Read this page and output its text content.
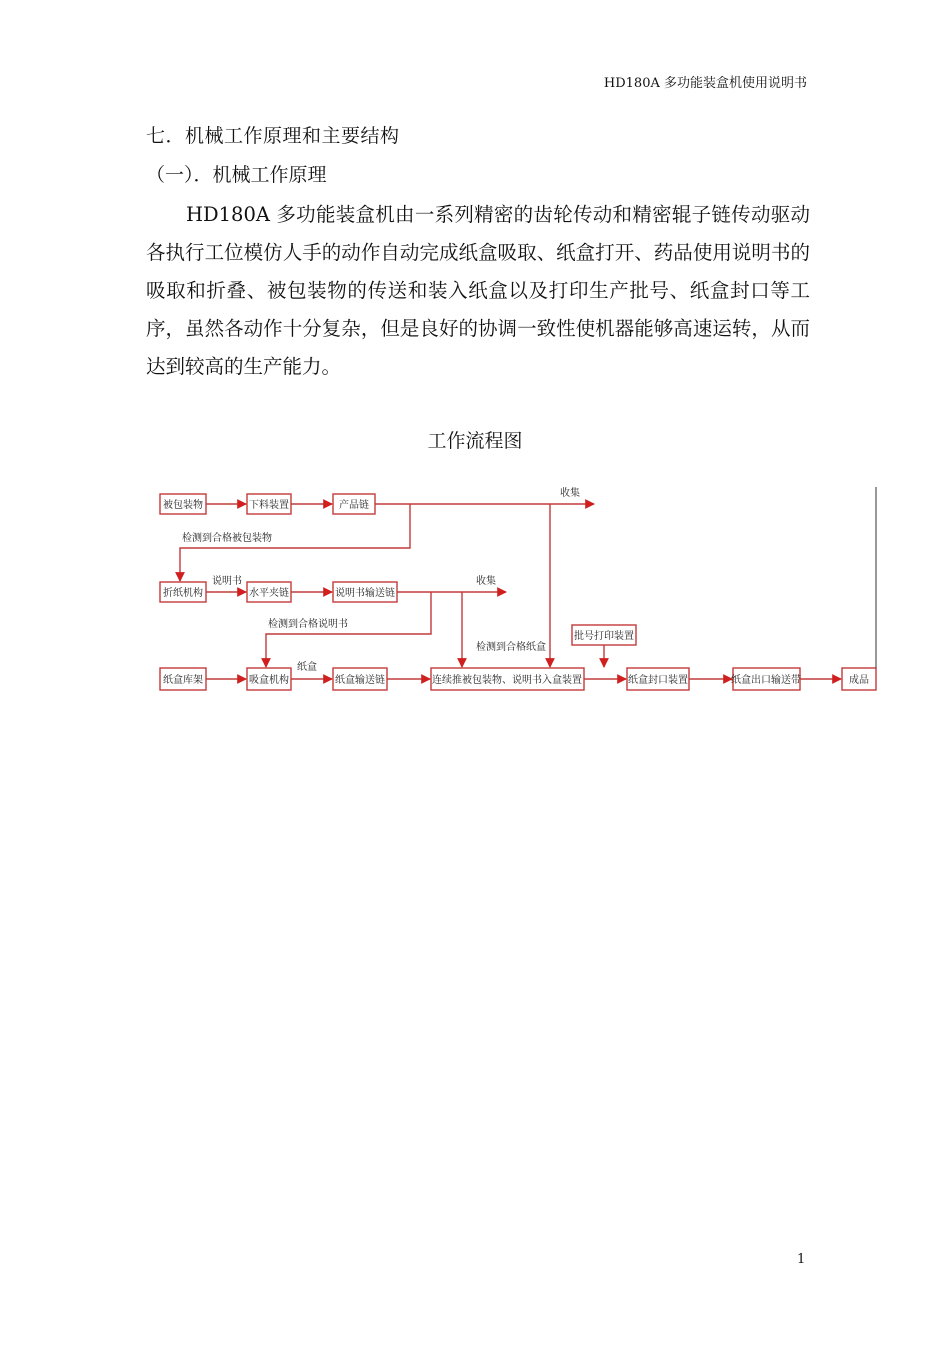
HD180A 多功能装盒机使用说明书
七．机械工作原理和主要结构
（一）．机械工作原理
HD180A 多功能装盒机由一系列精密的齿轮传动和精密辊子链传动驱动各执行工位模仿人手的动作自动完成纸盒吸取、纸盒打开、药品使用说明书的吸取和折叠、被包装物的传送和装入纸盒以及打印生产批号、纸盒封口等工序，虽然各动作十分复杂，但是良好的协调一致性使机器能够高速运转，从而达到较高的生产能力。
工作流程图
被包装物	下料装置	产品链
折纸机构	水平夹链	说明书输送链
纸盒库架	吸盒机构	纸盒输送链	连续推被包装物、说明书入盒装置
批号打印装置
纸盒封口装置	纸盒出口输送带	成品
收集
检测到合格被包装物
检测到合格纸盒
说明书	收集
检测到合格说明书
纸盒
1
